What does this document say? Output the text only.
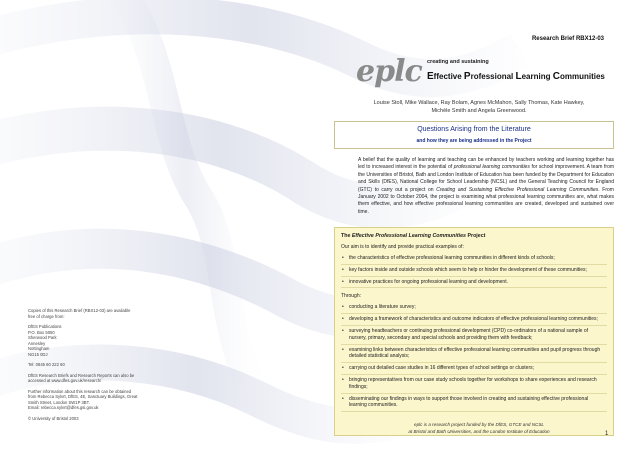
Research Brief RBX12-03
eplc creating and sustaining
Effective Professional Learning Communities
Louise Stoll, Mike Wallace, Ray Bolam, Agnes McMahon, Sally Thomas, Kate Hawkey,
Michèle Smith and Angela Greenwood.
Questions Arising from the Literature
and how they are being addressed in the Project
A belief that the quality of learning and teaching can be enhanced by teachers working and learning together has led to increased interest in the potential of professional learning communities for school improvement. A team from the Universities of Bristol, Bath and London Institute of Education has been funded by the Department for Education and Skills (DfES), National College for School Leadership (NCSL) and the General Teaching Council for England (GTC) to carry out a project on Creating and Sustaining Effective Professional Learning Communities. From January 2002 to October 2004, the project is examining what professional learning communities are, what makes them effective, and how effective professional learning communities are created, developed and sustained over time.
The Effective Professional Learning Communities Project
Our aim is to identify and provide practical examples of:
• the characteristics of effective professional learning communities in different kinds of schools;
• key factors inside and outside schools which seem to help or hinder the development of these communities;
• innovative practices for ongoing professional learning and development.
Through:
• conducting a literature survey;
• developing a framework of characteristics and outcome indicators of effective professional learning communities;
• surveying headteachers or continuing professional development (CPD) co-ordinators of a national sample of nursery, primary, secondary and special schools and providing them with feedback;
• examining links between characteristics of effective professional learning communities and pupil progress through detailed statistical analysis;
• carrying out detailed case studies in 16 different types of school settings or clusters;
• bringing representatives from our case study schools together for workshops to share experiences and research findings;
• disseminating our findings in ways to support those involved in creating and sustaining effective professional learning communities.
eplc is a research project funded by the DfES, GTCE and NCSL
at Bristol and Bath Universities, and the London Institute of Education	1
Copies of this Research Brief (RBX12-03) are available free of charge from:
DfES Publications
P.O. Box 5050
Sherwood Park
Annesley
Nottingham
NG15 0DJ
Tel: 0845 60 222 60
DfES Research Briefs and Research Reports can also be accessed at www.dfes.gov.uk/research/
Further information about this research can be obtained from Rebecca Sylvrt, DfES, 4E, Sanctuary Buildings, Great Smith Street, London SW1P 3BT.
Email: rebecca.sylvrt@dfes.gsi.gov.uk
© University of Bristol 2003
